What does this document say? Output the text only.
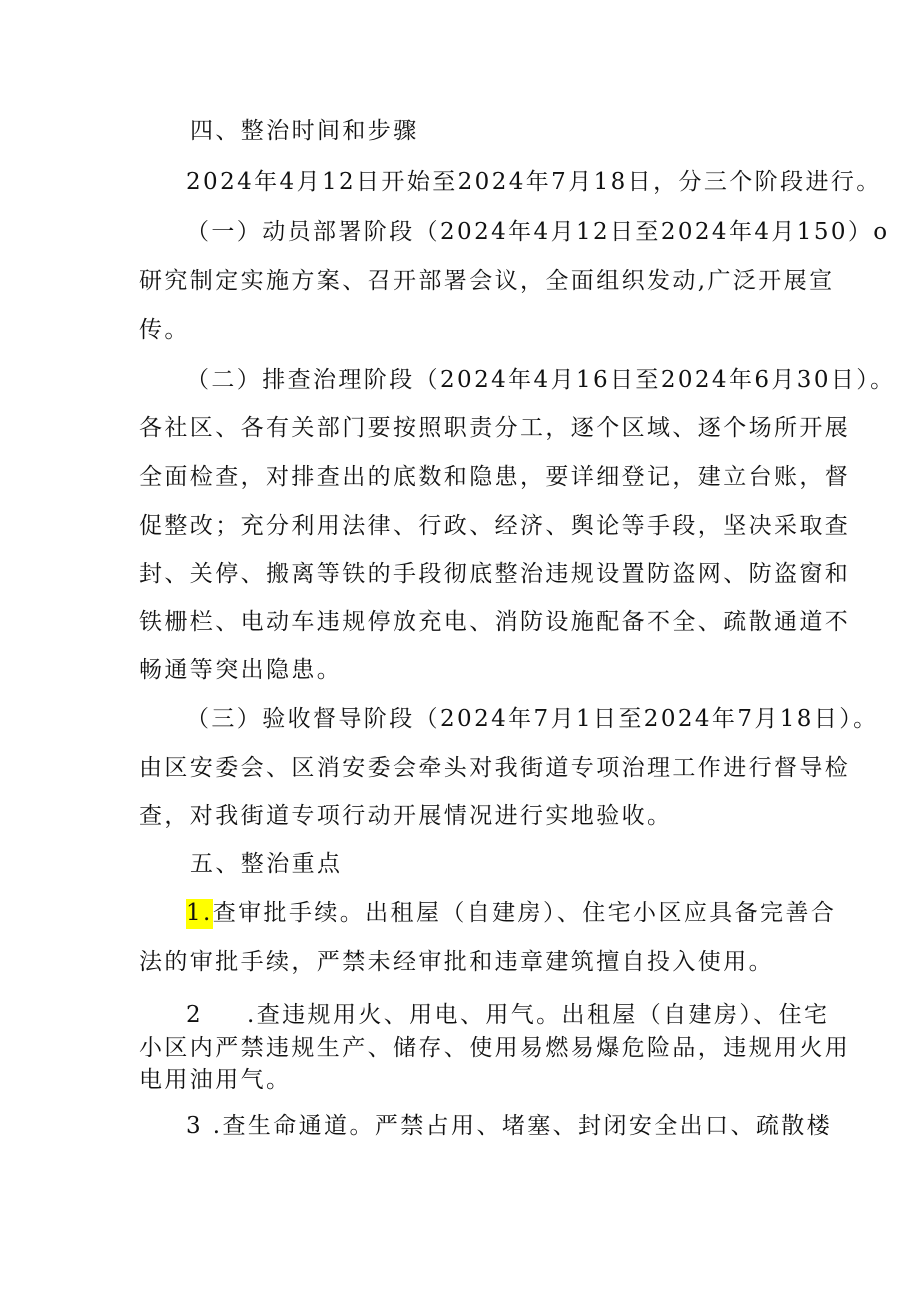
四、整治时间和步骤
2024年4月12日开始至2024年7月18日，分三个阶段进行。
（一）动员部署阶段（2024年4月12日至2024年4月150）o
研究制定实施方案、召开部署会议，全面组织发动,广泛开展宣
传。
（二）排查治理阶段（2024年4月16日至2024年6月30日）。
各社区、各有关部门要按照职责分工，逐个区域、逐个场所开展
全面检查，对排查出的底数和隐患，要详细登记，建立台账，督
促整改；充分利用法律、行政、经济、舆论等手段，坚决采取查
封、关停、搬离等铁的手段彻底整治违规设置防盗网、防盗窗和
铁栅栏、电动车违规停放充电、消防设施配备不全、疏散通道不
畅通等突出隐患。
（三）验收督导阶段（2024年7月1日至2024年7月18日）。
由区安委会、区消安委会牵头对我街道专项治理工作进行督导检
查，对我街道专项行动开展情况进行实地验收。
五、整治重点
1.查审批手续。出租屋（自建房）、住宅小区应具备完善合
法的审批手续，严禁未经审批和违章建筑擅自投入使用。
2 .查违规用火、用电、用气。出租屋（自建房）、住宅
小区内严禁违规生产、储存、使用易燃易爆危险品，违规用火用
电用油用气。
3 .查生命通道。严禁占用、堵塞、封闭安全出口、疏散楼
